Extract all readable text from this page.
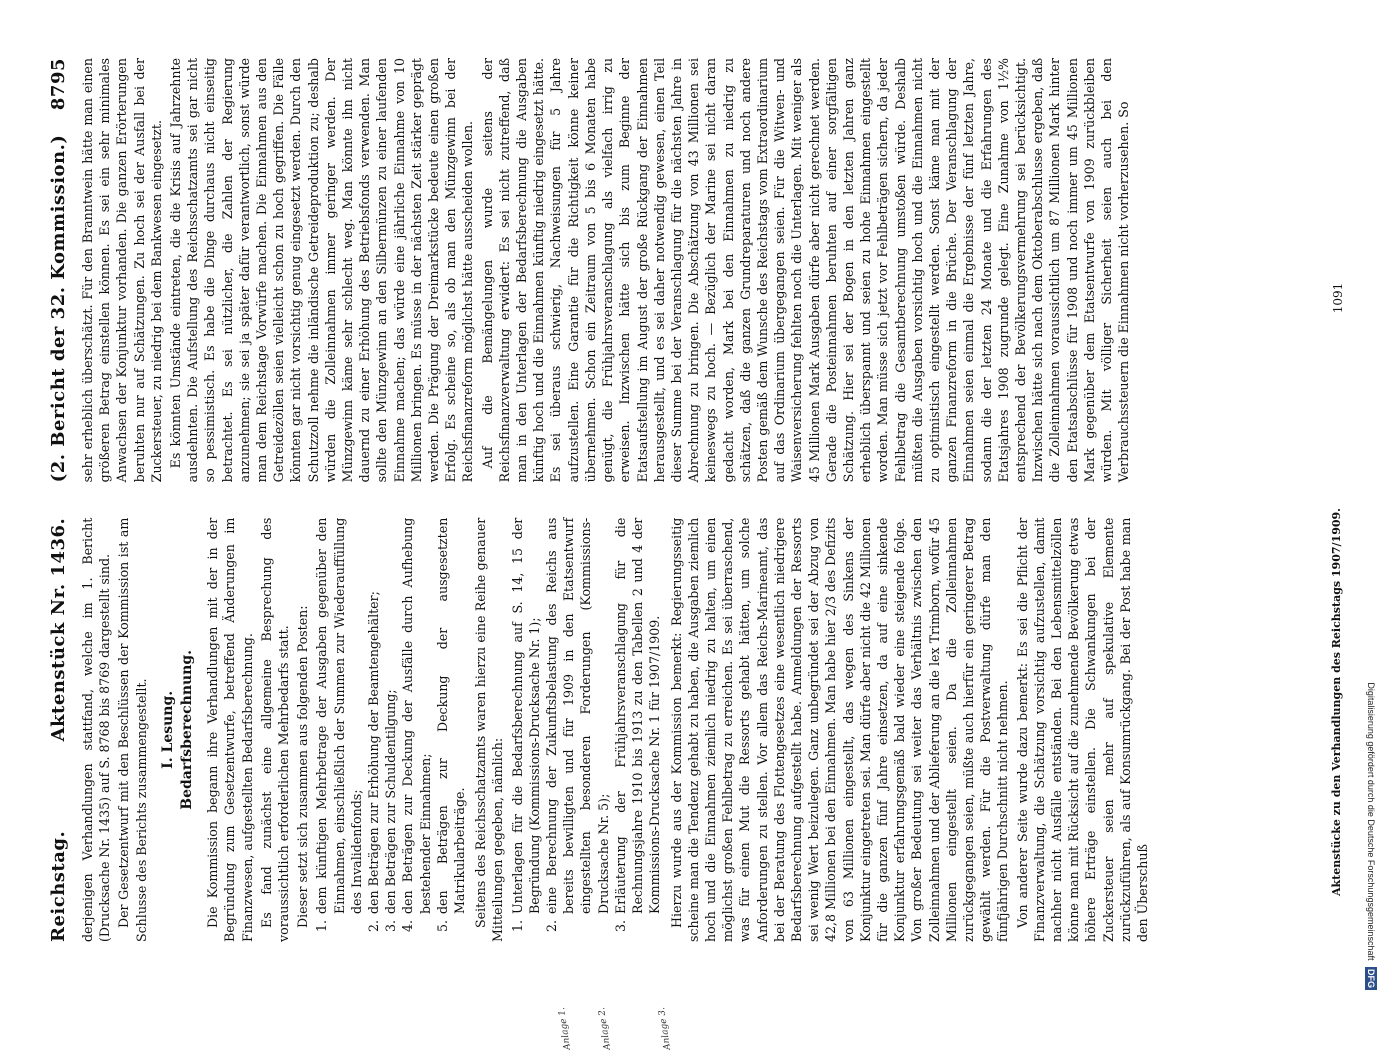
Reichstag.
Aktenstück Nr. 1436.
(2. Bericht der 32. Kommission.)
8795

derjenigen Verhandlungen stattfand, welche im 1. Bericht (Drucksache Nr. 1435) auf S. 8768 bis 8769 dargestellt sind. Der Gesetzentwurf mit den Beschlüssen der Kommission ist am Schlusse des Berichts zusammengestellt. I. Lesung. Bedarfsberechnung. Die Kommission begann ihre Verhandlungen mit der in der Begründung zum Gesetzentwurfe, betreffend Änderungen im Finanzwesen, aufgestellten Bedarfsberechnung. Es fand zunächst eine allgemeine Besprechung des voraussichtlich erforderlichen Mehrbedarfs statt. Dieser setzt sich zusammen aus folgenden Posten: 1.
dem künftigen Mehrbetrage der Ausgaben gegenüber den Einnahmen, einschließlich der Summen zur Wiederauffüllung des Invalidenfonds;
2.
den Beträgen zur Erhöhung der Beamtengehälter;
3.
den Beträgen zur Schuldentilgung;
4.
den Beträgen zur Deckung der Ausfälle durch Aufhebung bestehender Einnahmen;
5.
den Beträgen zur Deckung der ausgesetzten Matrikularbeiträge. Seitens des Reichsschatzamts waren hierzu eine Reihe genauer Mitteilungen gegeben, nämlich: 1.
Unterlagen für die Bedarfsberechnung auf S. 14, 15 der Begründung (Kommissions-Drucksache Nr. 1);
2.
eine Berechnung der Zukunftsbelastung des Reichs aus bereits bewilligten und für 1909 in den Etatsentwurf eingestellten besonderen Forderungen (Kommissions-Drucksache Nr. 5);
3.
Erläuterung der Frühjahrsveranschlagung für die Rechnungsjahre 1910 bis 1913 zu den Tabellen 2 und 4 der Kommissions-Drucksache Nr. 1 für 1907/1909. Hierzu wurde aus der Kommission bemerkt: Regierungsseitig scheine man die Tendenz gehabt zu haben, die Ausgaben ziemlich hoch und die Einnahmen ziemlich niedrig zu halten, um einen möglichst großen Fehlbetrag zu erreichen. Es sei überraschend, was für einen Mut die Ressorts gehabt hätten, um solche Anforderungen zu stellen. Vor allem das Reichs-Marineamt, das bei der Beratung des Flottengesetzes eine wesentlich niedrigere Bedarfsberechnung aufgestellt habe. Anmeldungen der Ressorts sei wenig Wert beizulegen. Ganz unbegründet sei der Abzug von 42,8 Millionen bei den Einnahmen. Man habe hier 2/3 des Defizits von 63 Millionen eingestellt, das wegen des Sinkens der Konjunktur eingetreten sei. Man dürfe aber nicht die 42 Millionen für die ganzen fünf Jahre einsetzen, da auf eine sinkende Konjunktur erfahrungsgemäß bald wieder eine steigende folge. Von großer Bedeutung sei weiter das Verhältnis zwischen den Zolleinnahmen und der Ablieferung an die lex Trimborn, wofür 45 Millionen eingestellt seien. Da die Zolleinnahmen zurückgegangen seien, müßte auch hierfür ein geringerer Betrag gewählt werden. Für die Postverwaltung dürfe man den fünfjährigen Durchschnitt nicht nehmen. Von anderer Seite wurde dazu bemerkt: Es sei die Pflicht der Finanzverwaltung, die Schätzung vorsichtig aufzustellen, damit nachher nicht Ausfälle entständen. Bei den Lebensmittelzöllen könne man mit Rücksicht auf die zunehmende Bevölkerung etwas höhere Erträge einstellen. Die Schwankungen bei der Zuckersteuer seien mehr auf spekulative Elemente zurückzuführen, als auf Konsumrückgang. Bei der Post habe man den Überschuß

sehr erheblich überschätzt. Für den Branntwein hätte man einen größeren Betrag einstellen können. Es sei ein sehr minimales Anwachsen der Konjunktur vorhanden. Die ganzen Erörterungen beruhten nur auf Schätzungen. Zu hoch sei der Ausfall bei der Zuckersteuer, zu niedrig bei dem Bankwesen eingesetzt. Es könnten Umstände eintreten, die die Krisis auf Jahrzehnte ausdehnten. Die Aufstellung des Reichsschatzamts sei gar nicht so pessimistisch. Es habe die Dinge durchaus nicht einseitig betrachtet. Es sei nützlicher, die Zahlen der Regierung anzunehmen; sie sei ja später dafür verantwortlich, sonst würde man dem Reichstage Vorwürfe machen. Die Einnahmen aus den Getreidezöllen seien vielleicht schon zu hoch gegriffen. Die Fälle könnten gar nicht vorsichtig genug eingesetzt werden. Durch den Schutzzoll nehme die inländische Getreideproduktion zu; deshalb würden die Zolleinnahmen immer geringer werden. Der Münzgewinn käme sehr schlecht weg. Man könnte ihn nicht dauernd zu einer Erhöhung des Betriebsfonds verwenden. Man sollte den Münzgewinn an den Silbermünzen zu einer laufenden Einnahme machen; das würde eine jährliche Einnahme von 10 Millionen bringen. Es müsse in der nächsten Zeit stärker geprägt werden. Die Prägung der Dreimarkstücke bedeute einen großen Erfolg. Es scheine so, als ob man den Münzgewinn bei der Reichsfinanzreform möglichst hätte ausscheiden wollen. Auf die Bemängelungen wurde seitens der Reichsfinanzverwaltung erwidert: Es sei nicht zutreffend, daß man in den Unterlagen der Bedarfsberechnung die Ausgaben künftig hoch und die Einnahmen künftig niedrig eingesetzt hätte. Es sei überaus schwierig, Nachweisungen für 5 Jahre aufzustellen. Eine Garantie für die Richtigkeit könne keiner übernehmen. Schon ein Zeitraum von 5 bis 6 Monaten habe genügt, die Frühjahrsveranschlagung als vielfach irrig zu erweisen. Inzwischen hätte sich bis zum Beginne der Etatsaufstellung im August der große Rückgang der Einnahmen herausgestellt, und es sei daher notwendig gewesen, einen Teil dieser Summe bei der Veranschlagung für die nächsten Jahre in Abrechnung zu bringen. Die Abschätzung von 43 Millionen sei keineswegs zu hoch. — Bezüglich der Marine sei nicht daran gedacht worden, Mark bei den Einnahmen zu niedrig zu schätzen, daß die ganzen Grundreparaturen und noch andere Posten gemäß dem Wunsche des Reichstags vom Extraordinarium auf das Ordinarium übergegangen seien. Für die Witwen- und Waisenversicherung fehlten noch die Unterlagen. Mit weniger als 45 Millionen Mark Ausgaben dürfe aber nicht gerechnet werden. Gerade die Posteinnahmen beruhten auf einer sorgfältigen Schätzung. Hier sei der Bogen in den letzten Jahren ganz erheblich überspannt und seien zu hohe Einnahmen eingestellt worden. Man müsse sich jetzt vor Fehlbeträgen sichern, da jeder Fehlbetrag die Gesamtberechnung umstoßen würde. Deshalb müßten die Ausgaben vorsichtig hoch und die Einnahmen nicht zu optimistisch eingestellt werden. Sonst käme man mit der ganzen Finanzreform in die Brüche. Der Veranschlagung der Einnahmen seien einmal die Ergebnisse der fünf letzten Jahre, sodann die der letzten 24 Monate und die Erfahrungen des Etatsjahres 1908 zugrunde gelegt. Eine Zunahme von 1½% entsprechend der Bevölkerungsvermehrung sei berücksichtigt. Inzwischen hätte sich nach dem Oktoberabschlusse ergeben, daß die Zolleinnahmen voraussichtlich um 87 Millionen Mark hinter den Etatsabschlüsse für 1908 und noch immer um 45 Millionen Mark gegenüber dem Etatsentwurfe von 1909 zurückbleiben würden. Mit völliger Sicherheit seien auch bei den Verbrauchssteuern die Einnahmen nicht vorherzusehen. So

Aktenstücke zu den Verhandlungen des Reichstags 1907/1909.
1091
Anlage 1.	Anlage 2.	Anlage 3.
Digitalisierung gefördert durch die Deutsche Forschungsgemeinschaft DFG
